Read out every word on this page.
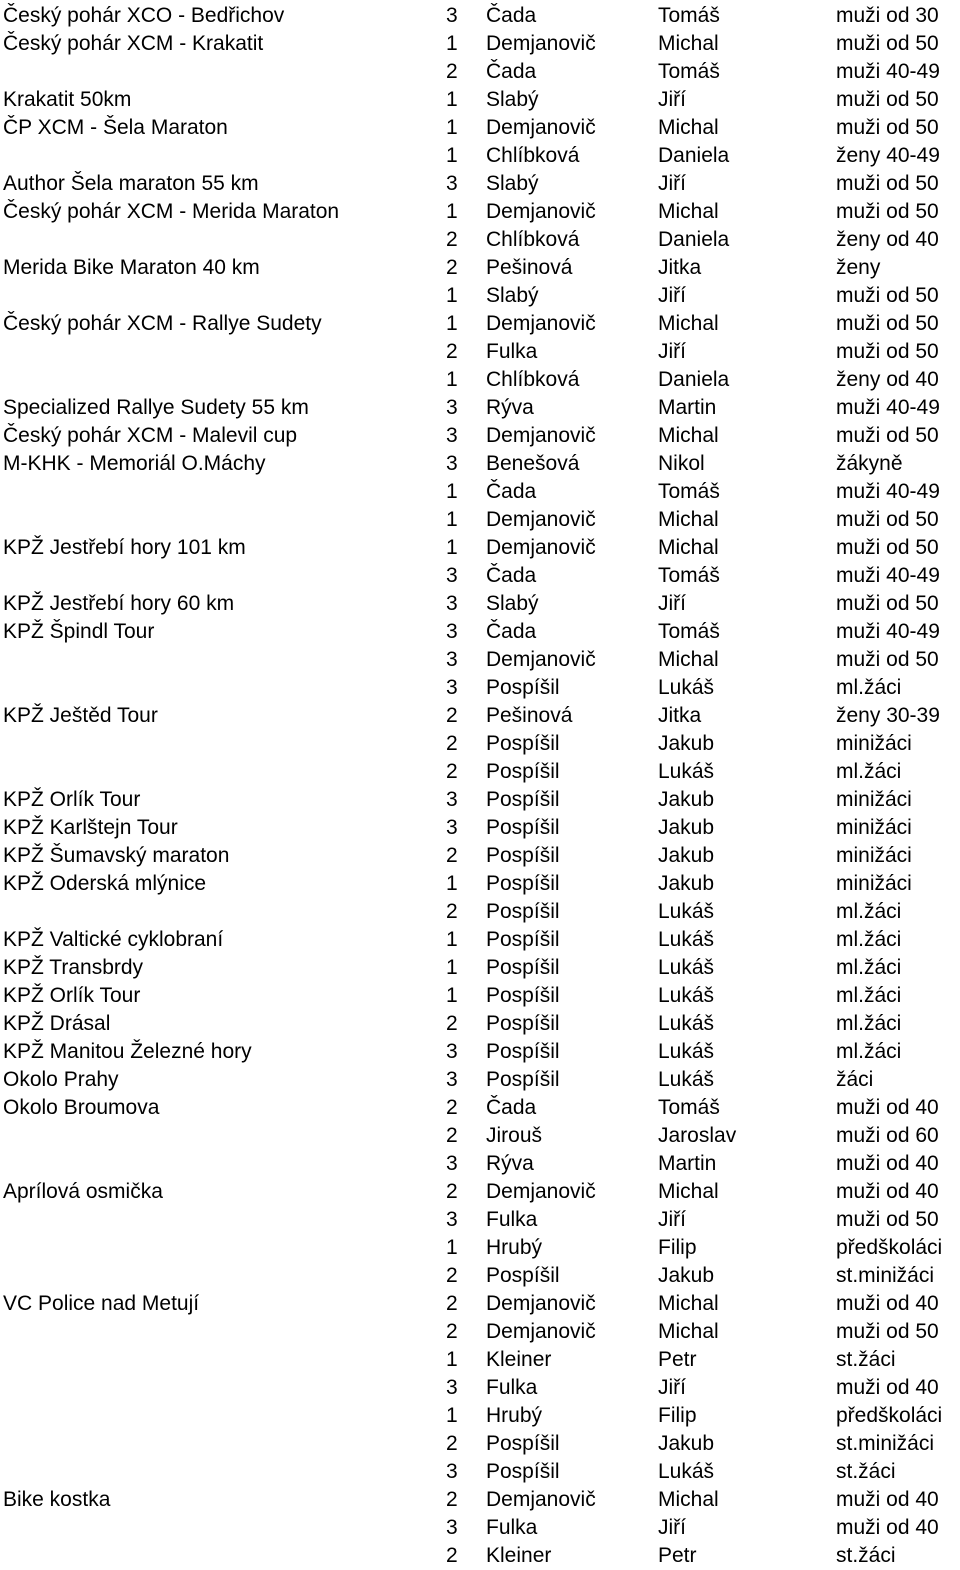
Český pohár XCO - Bedřichov	3 Čada	Tomáš	muži od 30
Český pohár XCM - Krakatit	1 Demjanovič	Michal	muži od 50
2 Čada	Tomáš	muži 40-49
Krakatit 50km	1 Slabý	Jiří	muži od 50
ČP XCM - Šela Maraton	1 Demjanovič	Michal	muži od 50
1 Chlíbková	Daniela	ženy 40-49
Author Šela maraton 55 km	3 Slabý	Jiří	muži od 50
Český pohár XCM - Merida Maraton	1 Demjanovič	Michal	muži od 50
2 Chlíbková	Daniela	ženy od 40
Merida Bike Maraton 40 km	2 Pešinová	Jitka	ženy
1 Slabý	Jiří	muži od 50
Český pohár XCM - Rallye Sudety	1 Demjanovič	Michal	muži od 50
2 Fulka	Jiří	muži od 50
1 Chlíbková	Daniela	ženy od 40
Specialized Rallye Sudety 55 km	3 Rýva	Martin	muži 40-49
Český pohár XCM - Malevil cup	3 Demjanovič	Michal	muži od 50
M-KHK - Memoriál O.Máchy	3 Benešová	Nikol	žákyně
1 Čada	Tomáš	muži 40-49
1 Demjanovič	Michal	muži od 50
KPŽ Jestřebí hory 101 km	1 Demjanovič	Michal	muži od 50
3 Čada	Tomáš	muži 40-49
KPŽ Jestřebí hory 60 km	3 Slabý	Jiří	muži od 50
KPŽ Špindl Tour	3 Čada	Tomáš	muži 40-49
3 Demjanovič	Michal	muži od 50
3 Pospíšil	Lukáš	ml.žáci
KPŽ Ještěd Tour	2 Pešinová	Jitka	ženy 30-39
2 Pospíšil	Jakub	minižáci
2 Pospíšil	Lukáš	ml.žáci
KPŽ Orlík Tour	3 Pospíšil	Jakub	minižáci
KPŽ Karlštejn Tour	3 Pospíšil	Jakub	minižáci
KPŽ Šumavský maraton	2 Pospíšil	Jakub	minižáci
KPŽ Oderská mlýnice	1 Pospíšil	Jakub	minižáci
2 Pospíšil	Lukáš	ml.žáci
KPŽ Valtické cyklobraní	1 Pospíšil	Lukáš	ml.žáci
KPŽ Transbrdy	1 Pospíšil	Lukáš	ml.žáci
KPŽ Orlík Tour	1 Pospíšil	Lukáš	ml.žáci
KPŽ Drásal	2 Pospíšil	Lukáš	ml.žáci
KPŽ Manitou Železné hory	3 Pospíšil	Lukáš	ml.žáci
Okolo Prahy	3 Pospíšil	Lukáš	žáci
Okolo Broumova	2 Čada	Tomáš	muži od 40
2 Jirouš	Jaroslav	muži od 60
3 Rýva	Martin	muži od 40
Aprílová osmička	2 Demjanovič	Michal	muži od 40
3 Fulka	Jiří	muži od 50
1 Hrubý	Filip	předškoláci
2 Pospíšil	Jakub	st.minižáci
VC Police nad Metují	2 Demjanovič	Michal	muži od 40
2 Demjanovič	Michal	muži od 50
1 Kleiner	Petr	st.žáci
3 Fulka	Jiří	muži od 40
1 Hrubý	Filip	předškoláci
2 Pospíšil	Jakub	st.minižáci
3 Pospíšil	Lukáš	st.žáci
Bike kostka	2 Demjanovič	Michal	muži od 40
3 Fulka	Jiří	muži od 40
2 Kleiner	Petr	st.žáci
